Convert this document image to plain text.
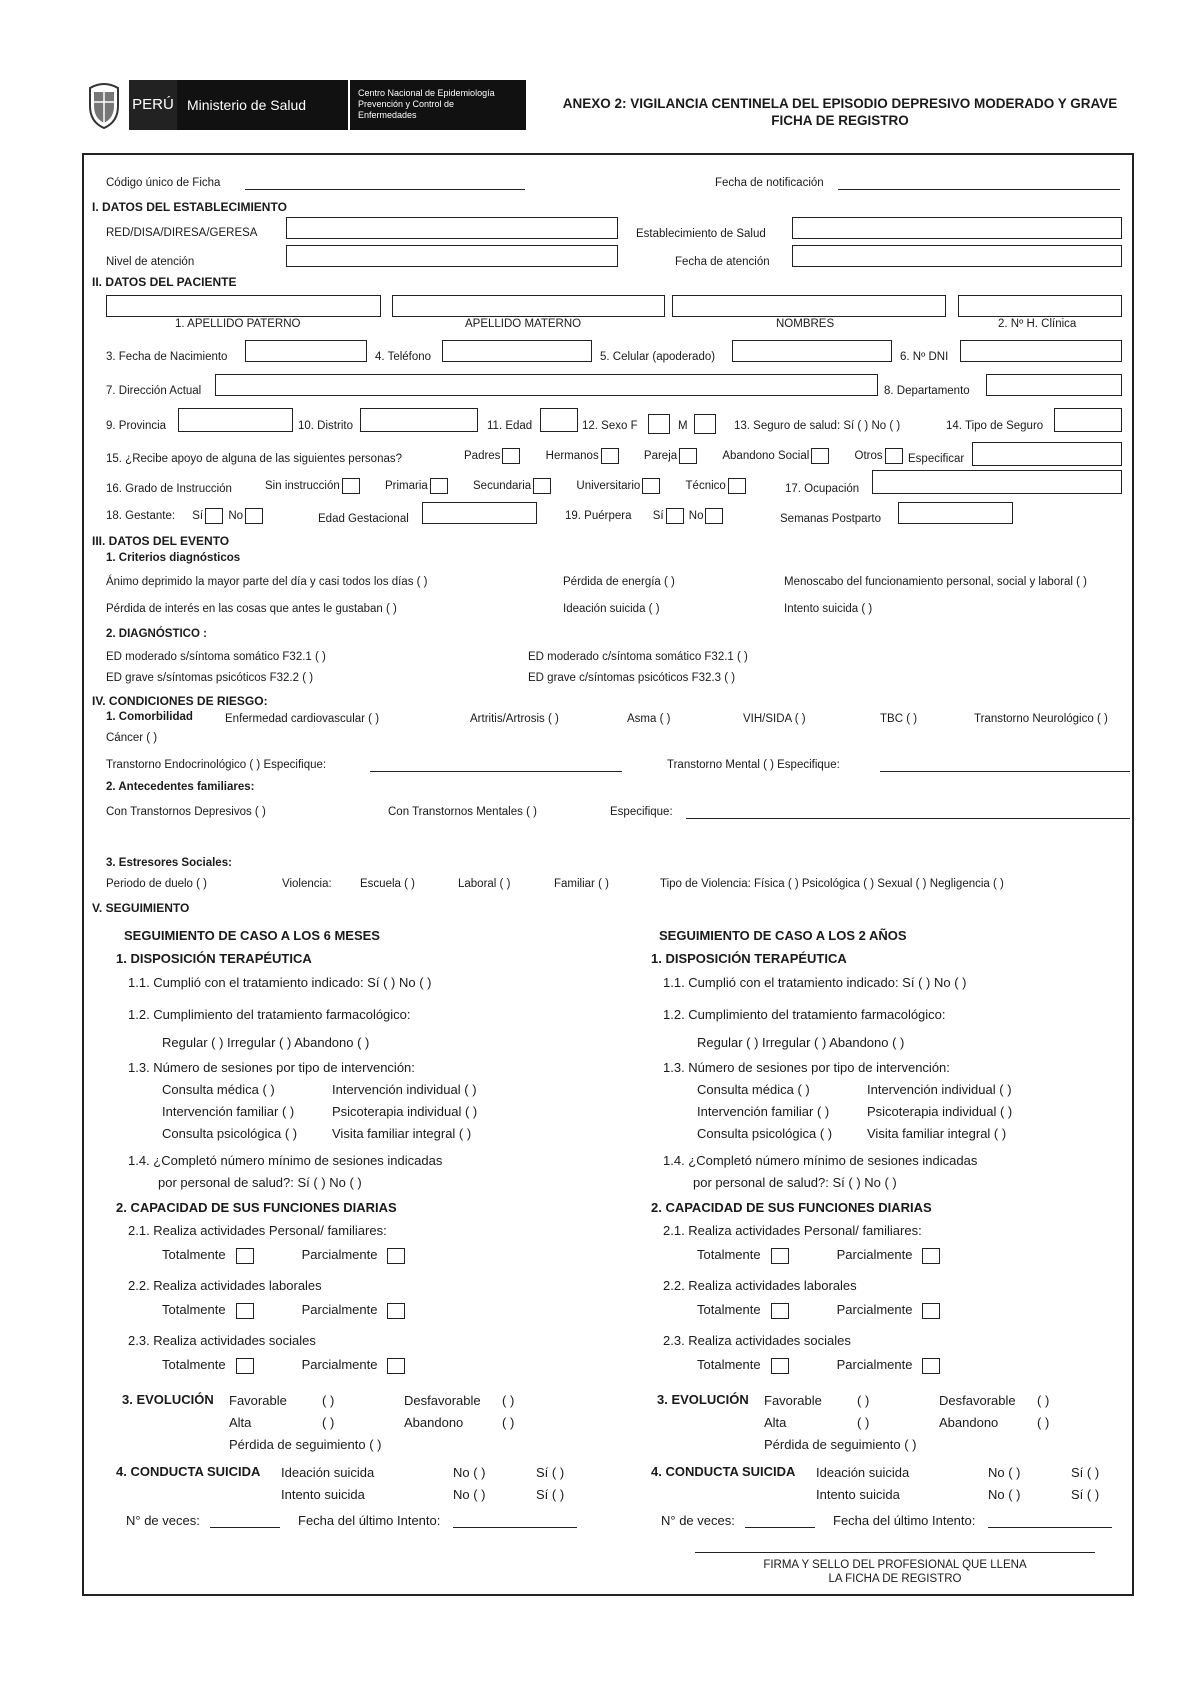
PERÚ Ministerio de Salud
Centro Nacional de Epidemiología
Prevención y Control de
Enfermedades
ANEXO 2: VIGILANCIA CENTINELA DEL EPISODIO DEPRESIVO MODERADO Y GRAVE
FICHA DE REGISTRO
Código único de Ficha	Fecha de notificación
I. DATOS DEL ESTABLECIMIENTO
RED/DISA/DIRESA/GERESA	Establecimiento de Salud
Nivel de atención	Fecha de atención
II. DATOS DEL PACIENTE
1. APELLIDO PATERNO	APELLIDO MATERNO	NOMBRES	2. Nº H. Clínica
3. Fecha de Nacimiento	4. Teléfono	5. Celular (apoderado)	6. Nº DNI
7. Dirección Actual	8. Departamento
9. Provincia	10. Distrito	11. Edad	12. Sexo F	M	13. Seguro de salud: Sí ( ) No ( )	14. Tipo de Seguro
15. ¿Recibe apoyo de alguna de las siguientes personas?	Padres	Hermanos	Pareja	Abandono Social	Otros	Especificar
16. Grado de Instrucción	Sin instrucción	Primaria	Secundaria	Universitario	Técnico	17. Ocupación
18. Gestante: Sí No	Edad Gestacional	19. Puérpera Sí No	Semanas Postparto
III. DATOS DEL EVENTO
1. Criterios diagnósticos
Ánimo deprimido la mayor parte del día y casi todos los días ( )	Pérdida de energía ( )	Menoscabo del funcionamiento personal, social y laboral ( )
Pérdida de interés en las cosas que antes le gustaban ( )	Ideación suicida ( )	Intento suicida ( )
2. DIAGNÓSTICO :
ED moderado s/síntoma somático F32.1 ( )	ED moderado c/síntoma somático F32.1 ( )
ED grave s/síntomas psicóticos F32.2 ( )	ED grave c/síntomas psicóticos F32.3 ( )
IV. CONDICIONES DE RIESGO:
1. Comorbilidad	Enfermedad cardiovascular ( )	Artritis/Artrosis ( )	Asma ( )	VIH/SIDA ( )	TBC ( )	Transtorno Neurológico ( )
Cáncer ( )
Transtorno Endocrinológico ( ) Especifique:	Transtorno Mental ( ) Especifique:
2. Antecedentes familiares:
Con Transtornos Depresivos ( )	Con Transtornos Mentales ( )	Especifique:
3. Estresores Sociales:
Periodo de duelo ( )	Violencia: Escuela ( )	Laboral ( )	Familiar ( )	Tipo de Violencia: Física ( ) Psicológica ( ) Sexual ( ) Negligencia ( )
V. SEGUIMIENTO
SEGUIMIENTO DE CASO A LOS 6 MESES
1. DISPOSICIÓN TERAPÉUTICA
1.1. Cumplió con el tratamiento indicado: Sí ( ) No ( )
1.2. Cumplimiento del tratamiento farmacológico:
Regular ( ) Irregular ( ) Abandono ( )
1.3. Número de sesiones por tipo de intervención:
Consulta médica ( )	Intervención individual ( )
Intervención familiar ( )	Psicoterapia individual ( )
Consulta psicológica ( )	Visita familiar integral ( )
1.4. ¿Completó número mínimo de sesiones indicadas
por personal de salud?: Sí ( ) No ( )
2. CAPACIDAD DE SUS FUNCIONES DIARIAS
2.1. Realiza actividades Personal/ familiares:
Totalmente	Parcialmente
2.2. Realiza actividades laborales
Totalmente	Parcialmente
2.3. Realiza actividades sociales
Totalmente	Parcialmente
3. EVOLUCIÓN Favorable	( )	Desfavorable ( )
Alta	( )	Abandono	( )
Pérdida de seguimiento ( )
4. CONDUCTA SUICIDA Ideación suicida	No ( )	Sí ( )
Intento suicida	No ( )	Sí ( )
N° de veces:	Fecha del último Intento:
SEGUIMIENTO DE CASO A LOS 2 AÑOS
1. DISPOSICIÓN TERAPÉUTICA
1.1. Cumplió con el tratamiento indicado: Sí ( ) No ( )
1.2. Cumplimiento del tratamiento farmacológico:
Regular ( ) Irregular ( ) Abandono ( )
1.3. Número de sesiones por tipo de intervención:
Consulta médica ( )	Intervención individual ( )
Intervención familiar ( )	Psicoterapia individual ( )
Consulta psicológica ( )	Visita familiar integral ( )
1.4. ¿Completó número mínimo de sesiones indicadas
por personal de salud?: Sí ( ) No ( )
2. CAPACIDAD DE SUS FUNCIONES DIARIAS
2.1. Realiza actividades Personal/ familiares:
Totalmente	Parcialmente
2.2. Realiza actividades laborales
Totalmente	Parcialmente
2.3. Realiza actividades sociales
Totalmente	Parcialmente
3. EVOLUCIÓN Favorable	( )	Desfavorable ( )
Alta	( )	Abandono	( )
Pérdida de seguimiento ( )
4. CONDUCTA SUICIDA Ideación suicida	No ( )	Sí ( )
Intento suicida	No ( )	Sí ( )
N° de veces:	Fecha del último Intento:
FIRMA Y SELLO DEL PROFESIONAL QUE LLENA
LA FICHA DE REGISTRO
